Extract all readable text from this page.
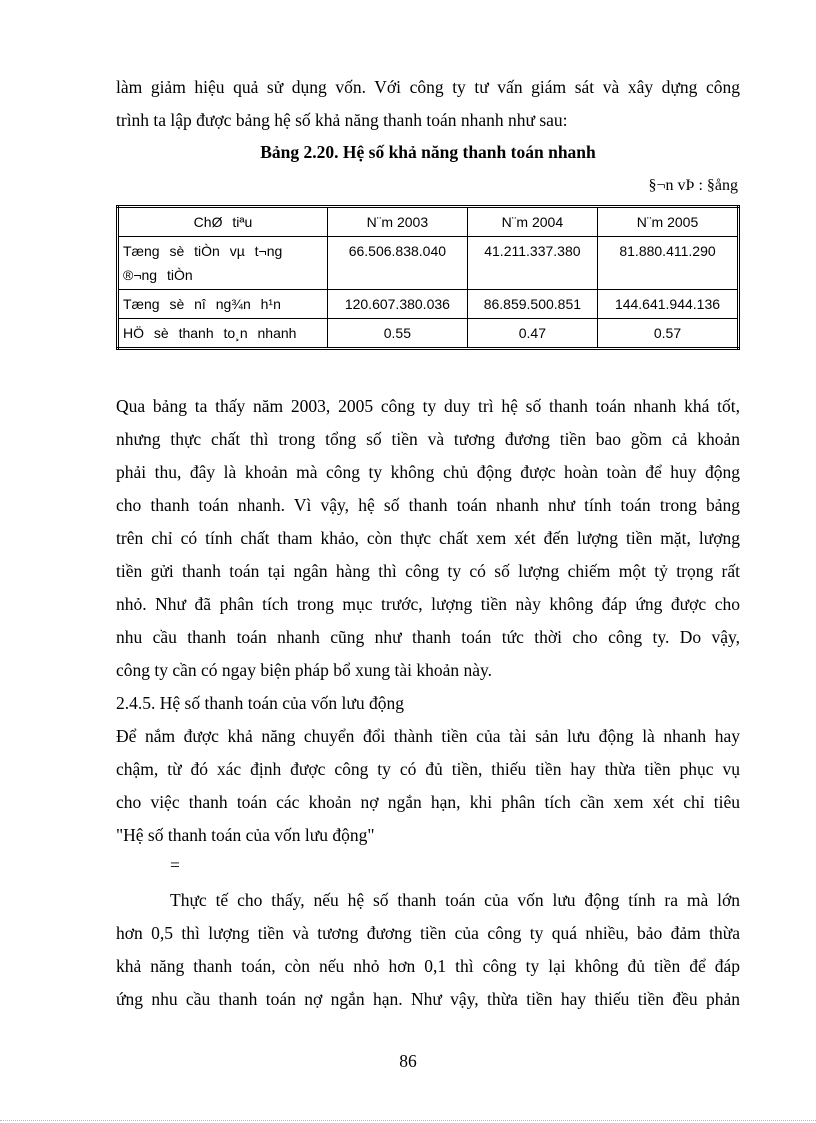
làm giảm hiệu quả sử dụng vốn. Với công ty tư vấn giám sát và xây dựng công
trình ta lập được bảng hệ số khả năng thanh toán nhanh như sau:
Bảng 2.20. Hệ số khả năng thanh toán nhanh
§¬n vÞ : §ång
ChØ tiªu	N¨m 2003	N¨m 2004	N¨m 2005

Tæng sè tiÒn vµ t¬ng
®¬ng tiÒn	66.506.838.040	41.211.337.380	81.880.411.290
Tæng sè nî ng¾n h¹n	120.607.380.036	86.859.500.851	144.641.944.136
HÖ sè thanh to¸n nhanh	0.55	0.47	0.57
Qua bảng ta thấy năm 2003, 2005 công ty duy trì hệ số thanh toán nhanh khá tốt,
nhưng thực chất thì trong tổng số tiền và tương đương tiền bao gồm cả khoản
phải thu, đây là khoản mà công ty không chủ động được hoàn toàn để huy động
cho thanh toán nhanh. Vì vậy, hệ số thanh toán nhanh như tính toán trong bảng
trên chỉ có tính chất tham khảo, còn thực chất xem xét đến lượng tiền mặt, lượng
tiền gửi thanh toán tại ngân hàng thì công ty có số lượng chiếm một tỷ trọng rất
nhỏ. Như đã phân tích trong mục trước, lượng tiền này không đáp ứng được cho
nhu cầu thanh toán nhanh cũng như thanh toán tức thời cho công ty. Do vậy,
công ty cần có ngay biện pháp bổ xung tài khoản này.
2.4.5. Hệ số thanh toán của vốn lưu động
Để nắm được khả năng chuyển đổi thành tiền của tài sản lưu động là nhanh hay
chậm, từ đó xác định được công ty có đủ tiền, thiếu tiền hay thừa tiền phục vụ
cho việc thanh toán các khoản nợ ngắn hạn, khi phân tích cần xem xét chỉ tiêu
"Hệ số thanh toán của vốn lưu động"
=
Thực tế cho thấy, nếu hệ số thanh toán của vốn lưu động tính ra mà lớn
hơn 0,5 thì lượng tiền và tương đương tiền của công ty quá nhiều, bảo đảm thừa
khả năng thanh toán, còn nếu nhỏ hơn 0,1 thì công ty lại không đủ tiền để đáp
ứng nhu cầu thanh toán nợ ngắn hạn. Như vậy, thừa tiền hay thiếu tiền đều phản
86
